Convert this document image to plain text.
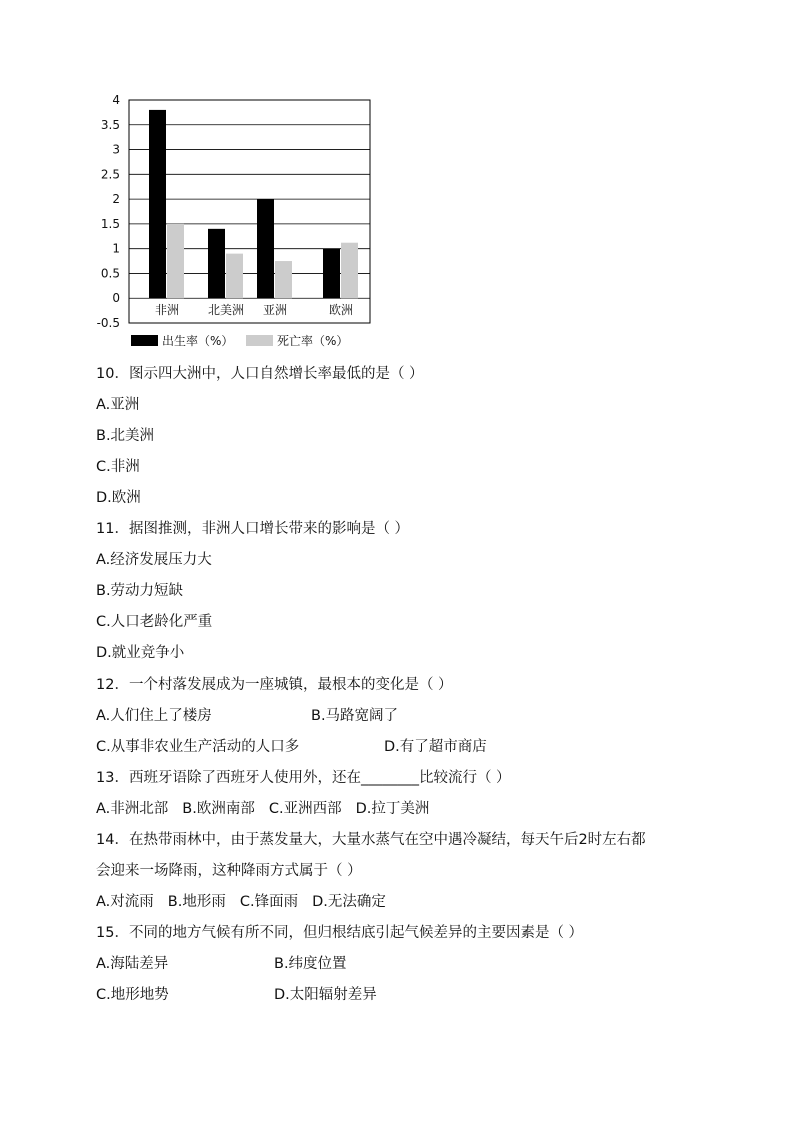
4
3.5
3
2.5
2
1.5
1
0.5
0
-0.5
非洲 北美洲 亚洲	欧洲
出生率（%）	死亡率（%）
10．图示四大洲中，人口自然增长率最低的是（ ）
A.亚洲
B.北美洲
C.非洲
D.欧洲
11．据图推测，非洲人口增长带来的影响是（ ）
A.经济发展压力大
B.劳动力短缺
C.人口老龄化严重
D.就业竞争小
12．一个村落发展成为一座城镇，最根本的变化是（ ）
A.人们住上了楼房	B.马路宽阔了
C.从事非农业生产活动的人口多	D.有了超市商店
13．西班牙语除了西班牙人使用外，还在________比较流行（ ）
A.非洲北部 B.欧洲南部 C.亚洲西部 D.拉丁美洲
14．在热带雨林中，由于蒸发量大，大量水蒸气在空中遇冷凝结，每天午后2时左右都
会迎来一场降雨，这种降雨方式属于（ ）
A.对流雨 B.地形雨 C.锋面雨 D.无法确定
15．不同的地方气候有所不同，但归根结底引起气候差异的主要因素是（ ）
A.海陆差异	B.纬度位置
C.地形地势	D.太阳辐射差异
